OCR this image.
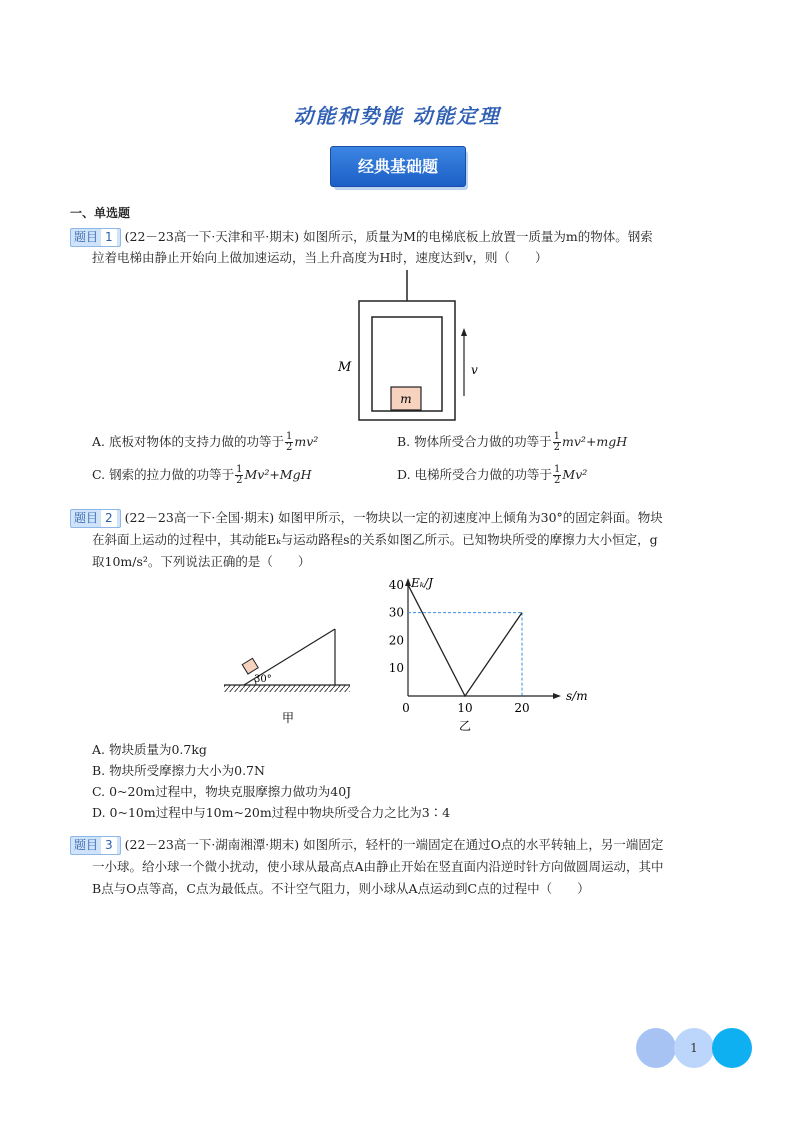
动能和势能 动能定理
经典基础题
一、单选题
题目 1 (22－23高一下·天津和平·期末) 如图所示，质量为M的电梯底板上放置一质量为m的物体。钢索
拉着电梯由静止开始向上做加速运动，当上升高度为H时，速度达到v，则（　　）
m
M	v
A. 底板对物体的支持力做的功等于 $\frac{1}{2} mv^2$	B. 物体所受合力做的功等于 $\frac{1}{2} mv^2+mgH$
C. 钢索的拉力做的功等于 $\frac{1}{2} Mv^2+MgH$	D. 电梯所受合力做的功等于 $\frac{1}{2} Mv^2$
题目 2 (22－23高一下·全国·期末) 如图甲所示，一物块以一定的初速度冲上倾角为30°的固定斜面。物块
在斜面上运动的过程中，其动能Eₖ与运动路程s的关系如图乙所示。已知物块所受的摩擦力大小恒定，g
取10m/s²。下列说法正确的是（　　）
30°
甲
Eₖ/J
s/m
10
20
30
40
0	10	20
乙
A. 物块质量为0.7kg
B. 物块所受摩擦力大小为0.7N
C. 0~20m过程中，物块克服摩擦力做功为40J
D. 0~10m过程中与10m~20m过程中物块所受合力之比为3∶4
题目 3 (22－23高一下·湖南湘潭·期末) 如图所示，轻杆的一端固定在通过O点的水平转轴上，另一端固定
一小球。给小球一个微小扰动，使小球从最高点A由静止开始在竖直面内沿逆时针方向做圆周运动，其中
B点与O点等高，C点为最低点。不计空气阻力，则小球从A点运动到C点的过程中（　　）
1
